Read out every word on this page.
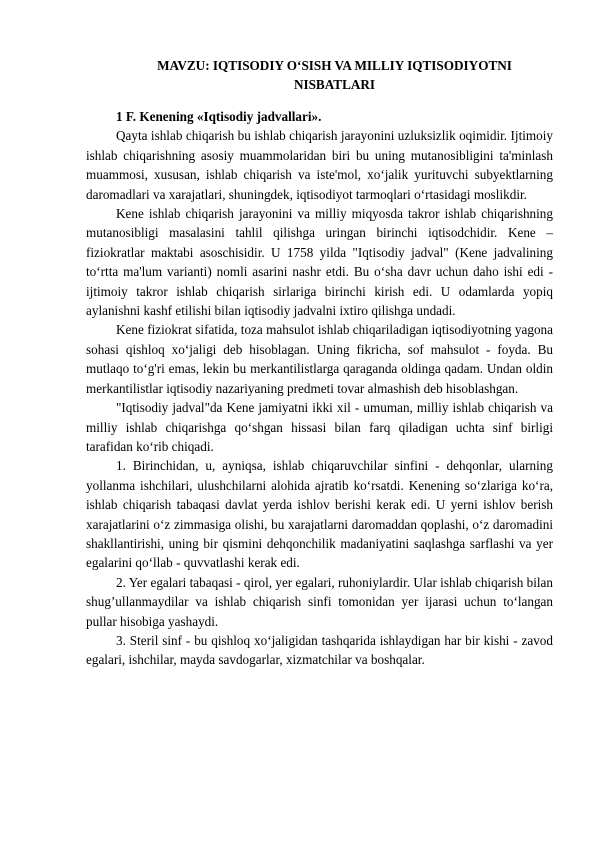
MAVZU: IQTISODIY O‘SISH VA MILLIY IQTISODIYOTNI
NISBATLARI

1 F. Kenening «Iqtisodiy jadvallari».

Qayta ishlab chiqarish bu ishlab chiqarish jarayonini uzluksizlik oqimidir. Ijtimoiy ishlab chiqarishning asosiy muammolaridan biri bu uning mutanosibligini ta'minlash muammosi, xususan, ishlab chiqarish va iste'mol, xo‘jalik yurituvchi subyektlarning daromadlari va xarajatlari, shuningdek, iqtisodiyot tarmoqlari o‘rtasidagi moslikdir.

Kene ishlab chiqarish jarayonini va milliy miqyosda takror ishlab chiqarishning mutanosibligi masalasini tahlil qilishga uringan birinchi iqtisodchidir. Kene – fiziokratlar maktabi asoschisidir. U 1758 yilda "Iqtisodiy jadval" (Kene jadvalining to‘rtta ma'lum varianti) nomli asarini nashr etdi. Bu o‘sha davr uchun daho ishi edi - ijtimoiy takror ishlab chiqarish sirlariga birinchi kirish edi. U odamlarda yopiq aylanishni kashf etilishi bilan iqtisodiy jadvalni ixtiro qilishga undadi.

Kene fiziokrat sifatida, toza mahsulot ishlab chiqariladigan iqtisodiyotning yagona sohasi qishloq xo‘jaligi deb hisoblagan. Uning fikricha, sof mahsulot - foyda. Bu mutlaqo to‘g'ri emas, lekin bu merkantilistlarga qaraganda oldinga qadam. Undan oldin merkantilistlar iqtisodiy nazariyaning predmeti tovar almashish deb hisoblashgan.

"Iqtisodiy jadval"da Kene jamiyatni ikki xil - umuman, milliy ishlab chiqarish va milliy ishlab chiqarishga qo‘shgan hissasi bilan farq qiladigan uchta sinf birligi tarafidan ko‘rib chiqadi.

1. Birinchidan, u, ayniqsa, ishlab chiqaruvchilar sinfini - dehqonlar, ularning yollanma ishchilari, ulushchilarni alohida ajratib ko‘rsatdi. Kenening so‘zlariga ko‘ra, ishlab chiqarish tabaqasi davlat yerda ishlov berishi kerak edi. U yerni ishlov berish xarajatlarini o‘z zimmasiga olishi, bu xarajatlarni daromaddan qoplashi, o‘z daromadini shakllantirishi, uning bir qismini dehqonchilik madaniyatini saqlashga sarflashi va yer egalarini qo‘llab - quvvatlashi kerak edi.

2. Yer egalari tabaqasi - qirol, yer egalari, ruhoniylardir. Ular ishlab chiqarish bilan shug’ullanmaydilar va ishlab chiqarish sinfi tomonidan yer ijarasi uchun to‘langan pullar hisobiga yashaydi.

3. Steril sinf - bu qishloq xo‘jaligidan tashqarida ishlaydigan har bir kishi - zavod egalari, ishchilar, mayda savdogarlar, xizmatchilar va boshqalar.
